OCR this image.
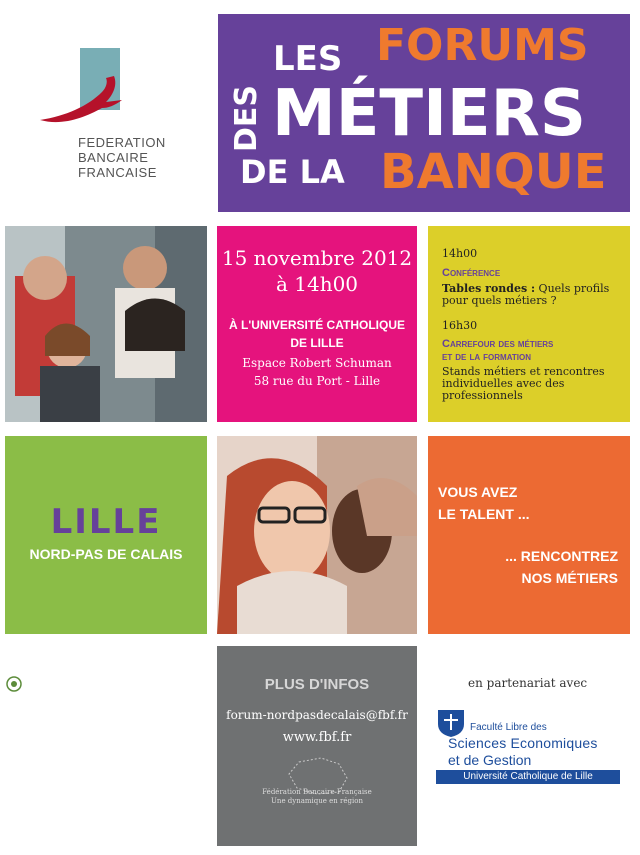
FEDERATION
BANCAIRE
FRANCAISE
LES FORUMS
DES MÉTIERS
DE LA BANQUE
15 novembre 2012
à 14h00
À L'UNIVERSITÉ CATHOLIQUE
DE LILLE
Espace Robert Schuman
58 rue du Port - Lille
14h00
Conférence
Tables rondes : Quels profils
pour quels métiers ?
16h30
Carrefour des métiers
et de la formation
Stands métiers et rencontres
individuelles avec des
professionnels
LILLE
NORD-PAS DE CALAIS
VOUS AVEZ
LE TALENT ...
... RENCONTREZ
NOS MÉTIERS
PLUS D'INFOS
forum-nordpasdecalais@fbf.fr
www.fbf.fr
Fédération Bancaire Française
Une dynamique en région
en partenariat avec
Faculté Libre des
Sciences Economiques
et de Gestion
Université Catholique de Lille
